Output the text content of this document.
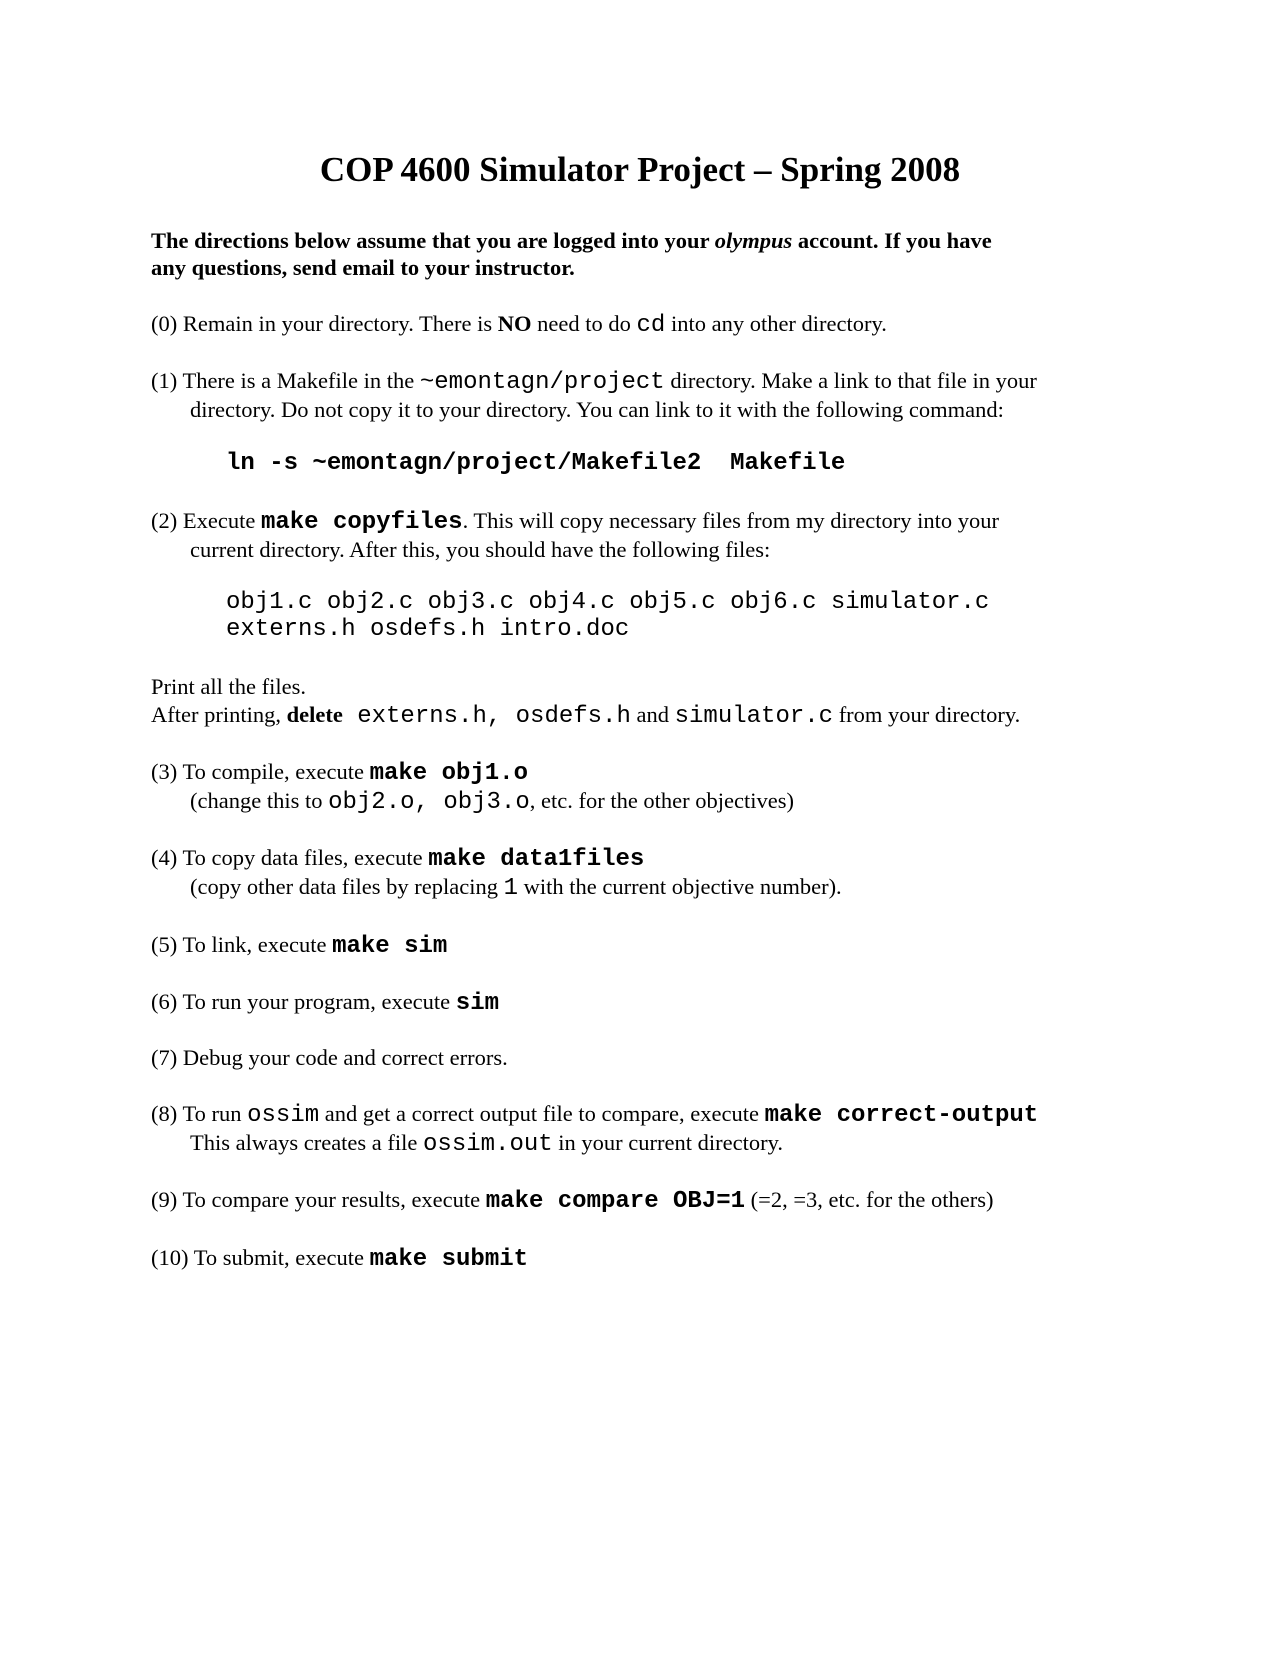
COP 4600 Simulator Project – Spring 2008
The directions below assume that you are logged into your olympus account. If you have
any questions, send email to your instructor.
(0) Remain in your directory. There is NO need to do cd into any other directory.
(1) There is a Makefile in the ~emontagn/project directory. Make a link to that file in your
directory. Do not copy it to your directory. You can link to it with the following command:
ln -s ~emontagn/project/Makefile2  Makefile
(2) Execute make copyfiles. This will copy necessary files from my directory into your
current directory. After this, you should have the following files:
obj1.c obj2.c obj3.c obj4.c obj5.c obj6.c simulator.c
externs.h osdefs.h intro.doc
Print all the files.
After printing, delete externs.h, osdefs.h and simulator.c from your directory.
(3) To compile, execute make obj1.o
(change this to obj2.o, obj3.o, etc. for the other objectives)
(4) To copy data files, execute make data1files
(copy other data files by replacing 1 with the current objective number).
(5) To link, execute make sim
(6) To run your program, execute sim
(7) Debug your code and correct errors.
(8) To run ossim and get a correct output file to compare, execute make correct-output
This always creates a file ossim.out in your current directory.
(9) To compare your results, execute make compare OBJ=1 (=2, =3, etc. for the others)
(10) To submit, execute make submit
